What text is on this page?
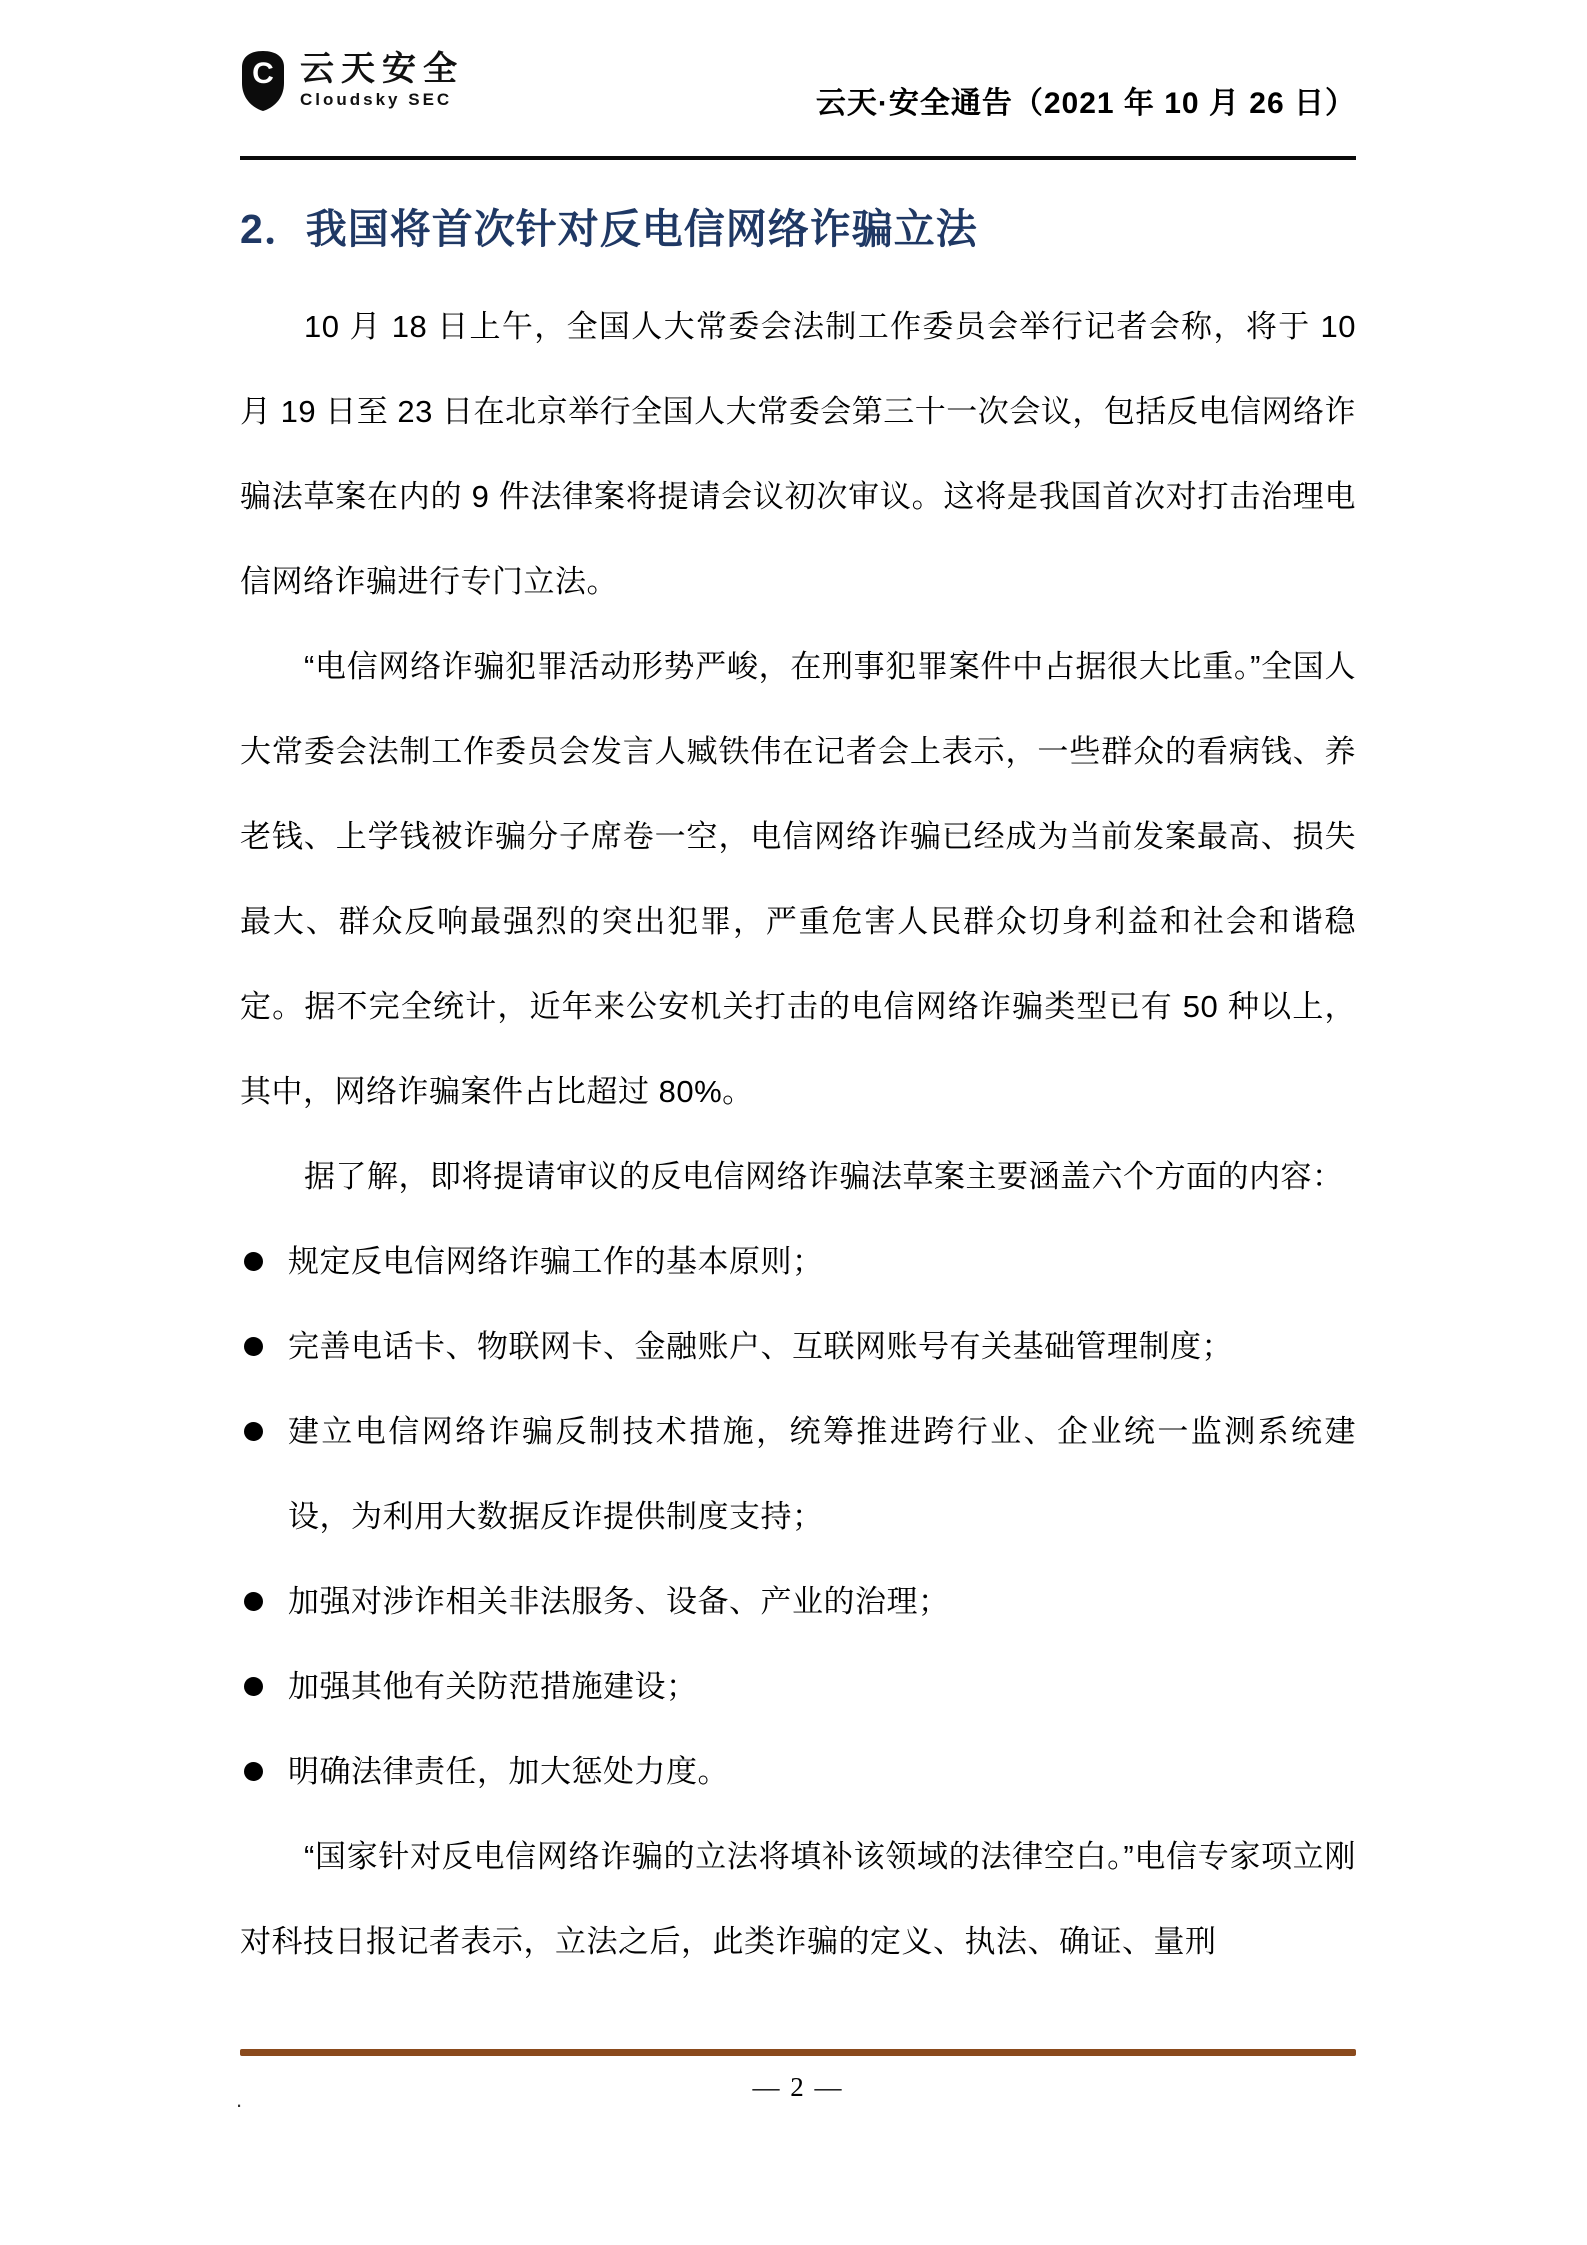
C 云天安全
Cloudsky SEC	云天·安全通告（2021 年 10 月 26 日）
2．我国将首次针对反电信网络诈骗立法

10 月 18 日上午，全国人大常委会法制工作委员会举行记者会称，将于 10 月 19 日至 23 日在北京举行全国人大常委会第三十一次会议，包括反电信网络诈骗法草案在内的 9 件法律案将提请会议初次审议。这将是我国首次对打击治理电信网络诈骗进行专门立法。

“电信网络诈骗犯罪活动形势严峻，在刑事犯罪案件中占据很大比重。”全国人大常委会法制工作委员会发言人臧铁伟在记者会上表示，一些群众的看病钱、养老钱、上学钱被诈骗分子席卷一空，电信网络诈骗已经成为当前发案最高、损失最大、群众反响最强烈的突出犯罪，严重危害人民群众切身利益和社会和谐稳定。据不完全统计，近年来公安机关打击的电信网络诈骗类型已有 50 种以上，其中，网络诈骗案件占比超过 80%。

据了解，即将提请审议的反电信网络诈骗法草案主要涵盖六个方面的内容：

规定反电信网络诈骗工作的基本原则；
完善电话卡、物联网卡、金融账户、互联网账号有关基础管理制度；
建立电信网络诈骗反制技术措施，统筹推进跨行业、企业统一监测系统建设，为利用大数据反诈提供制度支持；
加强对涉诈相关非法服务、设备、产业的治理；
加强其他有关防范措施建设；
明确法律责任，加大惩处力度。

“国家针对反电信网络诈骗的立法将填补该领域的法律空白。”电信专家项立刚对科技日报记者表示，立法之后，此类诈骗的定义、执法、确证、量刑

.	— 2 —
